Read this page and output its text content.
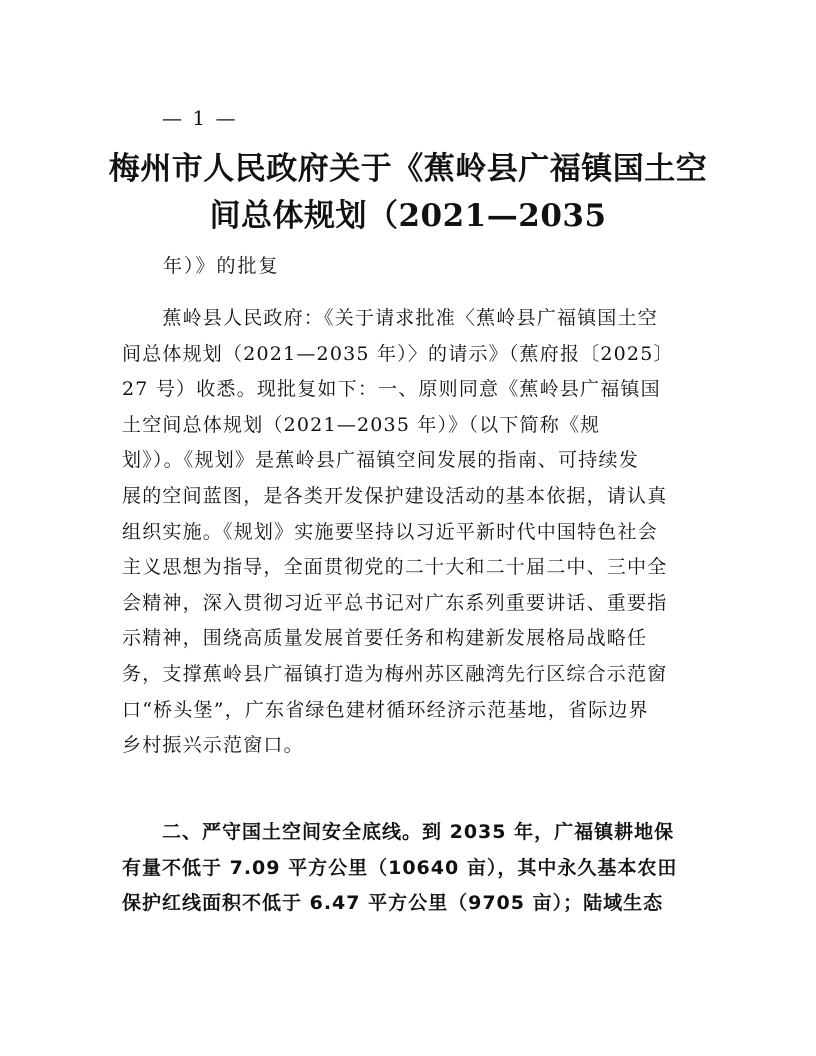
— 1 —
梅州市人民政府关于《蕉岭县广福镇国土空
间总体规划（2021—2035
年）》的批复
　　蕉岭县人民政府：《关于请求批准〈蕉岭县广福镇国土空
间总体规划（2021—2035 年）〉的请示》（蕉府报〔2025〕
27 号）收悉。现批复如下：一、原则同意《蕉岭县广福镇国
土空间总体规划（2021—2035 年）》（以下简称《规
划》）。《规划》是蕉岭县广福镇空间发展的指南、可持续发
展的空间蓝图，是各类开发保护建设活动的基本依据，请认真
组织实施。《规划》实施要坚持以习近平新时代中国特色社会
主义思想为指导，全面贯彻党的二十大和二十届二中、三中全
会精神，深入贯彻习近平总书记对广东系列重要讲话、重要指
示精神，围绕高质量发展首要任务和构建新发展格局战略任
务，支撑蕉岭县广福镇打造为梅州苏区融湾先行区综合示范窗
口“桥头堡”，广东省绿色建材循环经济示范基地，省际边界
乡村振兴示范窗口。
　　二、严守国土空间安全底线。到 2035 年，广福镇耕地保
有量不低于 7.09 平方公里（10640 亩），其中永久基本农田
保护红线面积不低于 6.47 平方公里（9705 亩）；陆域生态
